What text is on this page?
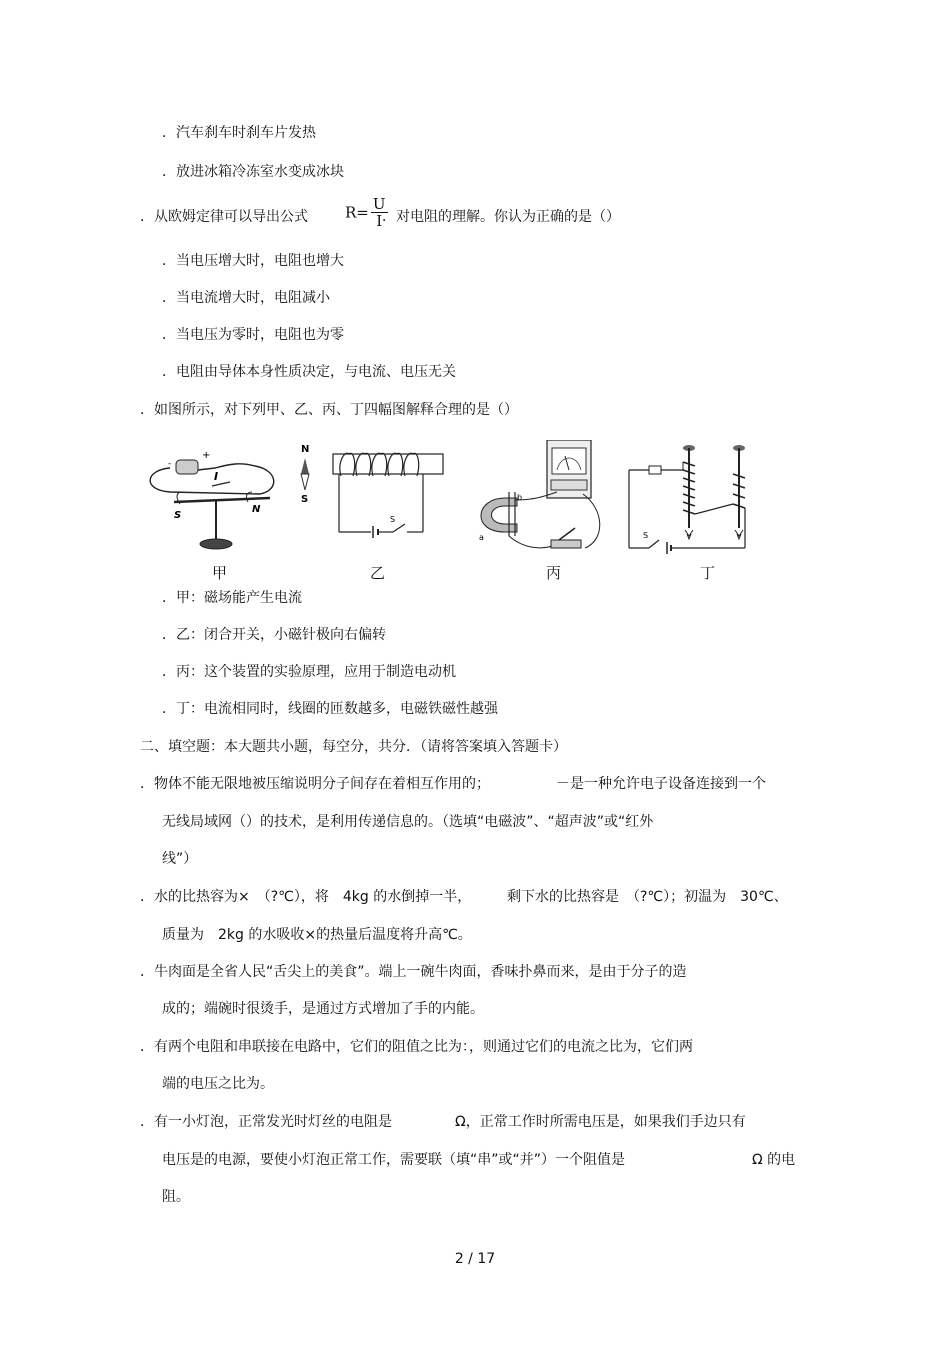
．汽车刹车时刹车片发热
．放进冰箱冷冻室水变成冰块
．从欧姆定律可以导出公式 $R= \frac{U}{I}$
．对电阻的理解。你认为正确的是（）
．当电压增大时，电阻也增大
．当电流增大时，电阻减小
．当电压为零时，电阻也为零
．电阻由导体本身性质决定，与电流、电压无关
．如图所示，对下列甲、乙、丙、丁四幅图解释合理的是（）
-
+
I
S
N
N
S
S
b
a	S
甲	乙	丙	丁
．甲：磁场能产生电流
．乙：闭合开关，小磁针极向右偏转
．丙：这个装置的实验原理，应用于制造电动机
．丁：电流相同时，线圈的匝数越多，电磁铁磁性越强
二、填空题：本大题共小题，每空分，共分．（请将答案填入答题卡）
．物体不能无限地被压缩说明分子间存在着相互作用的；	－是一种允许电子设备连接到一个
无线局域网（）的技术，是利用传递信息的。（选填“电磁波”、“超声波”或“红外
线”）
．水的比热容为×　（?℃），将　4kg 的水倒掉一半，	剩下水的比热容是　（?℃）；初温为　30℃、
质量为　2kg 的水吸收×的热量后温度将升高℃。
．牛肉面是全省人民“舌尖上的美食”。端上一碗牛肉面，香味扑鼻而来，是由于分子的造
成的；端碗时很烫手，是通过方式增加了手的内能。
．有两个电阻和串联接在电路中，它们的阻值之比为：，则通过它们的电流之比为，它们两
端的电压之比为。
．有一小灯泡，正常发光时灯丝的电阻是	Ω，正常工作时所需电压是，如果我们手边只有
电压是的电源，要使小灯泡正常工作，需要联（填“串”或“并”）一个阻值是	Ω 的电
阻。
2 / 17
